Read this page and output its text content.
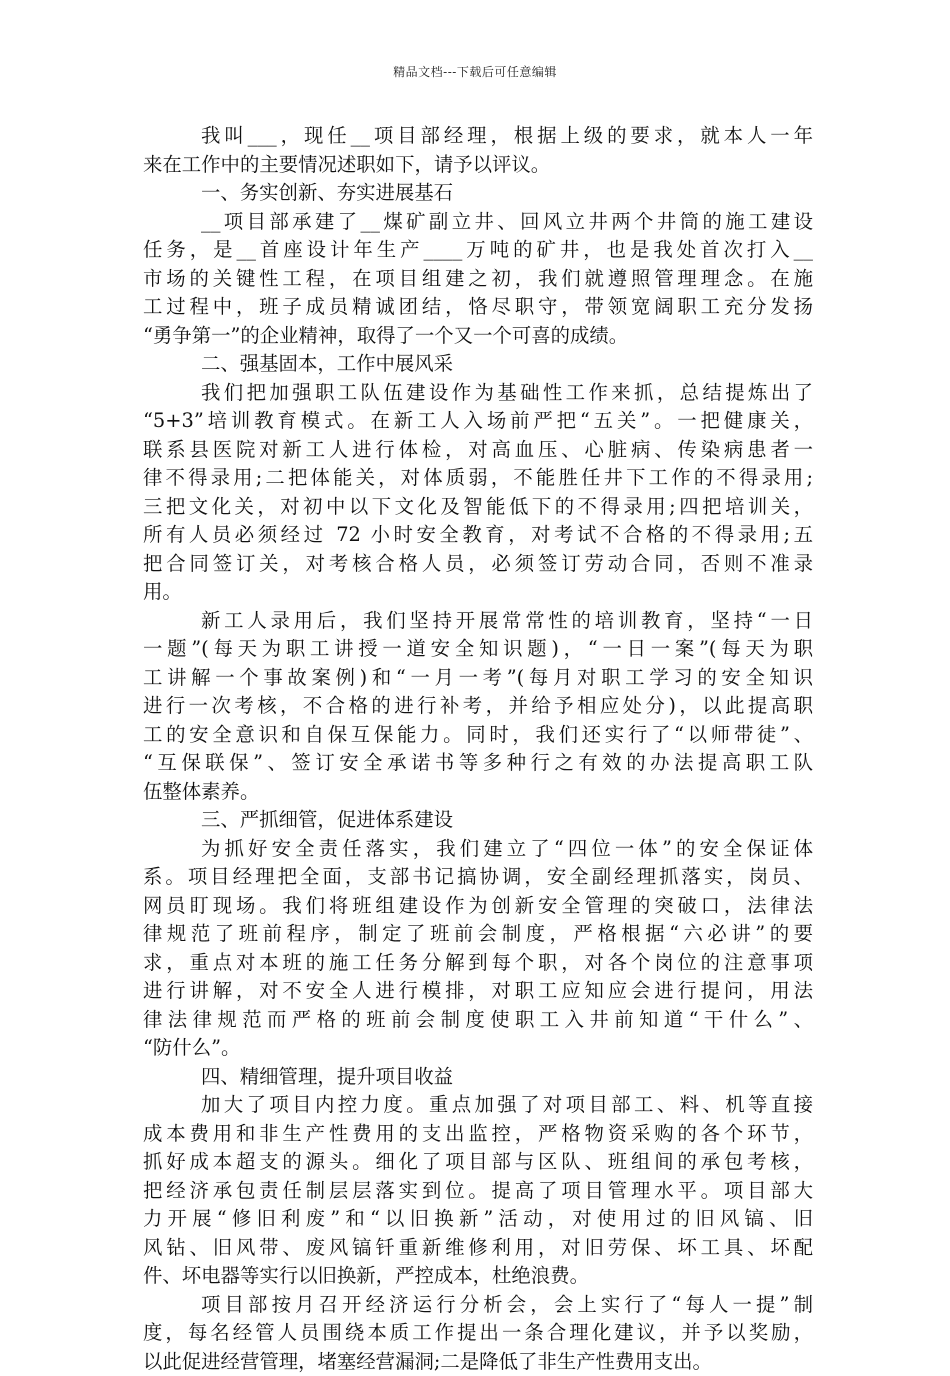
精品文档---下载后可任意编辑
我叫___，现任__项目部经理，根据上级的要求，就本人一年
来在工作中的主要情况述职如下，请予以评议。
一、务实创新、夯实进展基石
__项目部承建了__煤矿副立井、回风立井两个井筒的施工建设
任务，是__首座设计年生产____万吨的矿井，也是我处首次打入__
市场的关键性工程，在项目组建之初，我们就遵照管理理念。在施
工过程中，班子成员精诚团结，恪尽职守，带领宽阔职工充分发扬
“勇争第一”的企业精神，取得了一个又一个可喜的成绩。
二、强基固本，工作中展风采
我们把加强职工队伍建设作为基础性工作来抓，总结提炼出了
“5+3”培训教育模式。在新工人入场前严把“五关”。一把健康关，
联系县医院对新工人进行体检，对高血压、心脏病、传染病患者一
律不得录用;二把体能关，对体质弱，不能胜任井下工作的不得录用;
三把文化关，对初中以下文化及智能低下的不得录用;四把培训关，
所有人员必须经过 72 小时安全教育，对考试不合格的不得录用;五
把合同签订关，对考核合格人员，必须签订劳动合同，否则不准录
用。
新工人录用后，我们坚持开展常常性的培训教育，坚持“一日
一题”(每天为职工讲授一道安全知识题)，“一日一案”(每天为职
工讲解一个事故案例)和“一月一考”(每月对职工学习的安全知识
进行一次考核，不合格的进行补考，并给予相应处分)，以此提高职
工的安全意识和自保互保能力。同时，我们还实行了“以师带徒”、
“互保联保”、签订安全承诺书等多种行之有效的办法提高职工队
伍整体素养。
三、严抓细管，促进体系建设
为抓好安全责任落实，我们建立了“四位一体”的安全保证体
系。项目经理把全面，支部书记搞协调，安全副经理抓落实，岗员、
网员盯现场。我们将班组建设作为创新安全管理的突破口，法律法
律规范了班前程序，制定了班前会制度，严格根据“六必讲”的要
求，重点对本班的施工任务分解到每个职，对各个岗位的注意事项
进行讲解，对不安全人进行模排，对职工应知应会进行提问，用法
律法律规范而严格的班前会制度使职工入井前知道“干什么”、
“防什么”。
四、精细管理，提升项目收益
加大了项目内控力度。重点加强了对项目部工、料、机等直接
成本费用和非生产性费用的支出监控，严格物资采购的各个环节，
抓好成本超支的源头。细化了项目部与区队、班组间的承包考核，
把经济承包责任制层层落实到位。提高了项目管理水平。项目部大
力开展“修旧利废”和“以旧换新”活动，对使用过的旧风镐、旧
风钻、旧风带、废风镐钎重新维修利用，对旧劳保、坏工具、坏配
件、坏电器等实行以旧换新，严控成本，杜绝浪费。
项目部按月召开经济运行分析会，会上实行了“每人一提”制
度，每名经管人员围绕本质工作提出一条合理化建议，并予以奖励，
以此促进经营管理，堵塞经营漏洞;二是降低了非生产性费用支出。
